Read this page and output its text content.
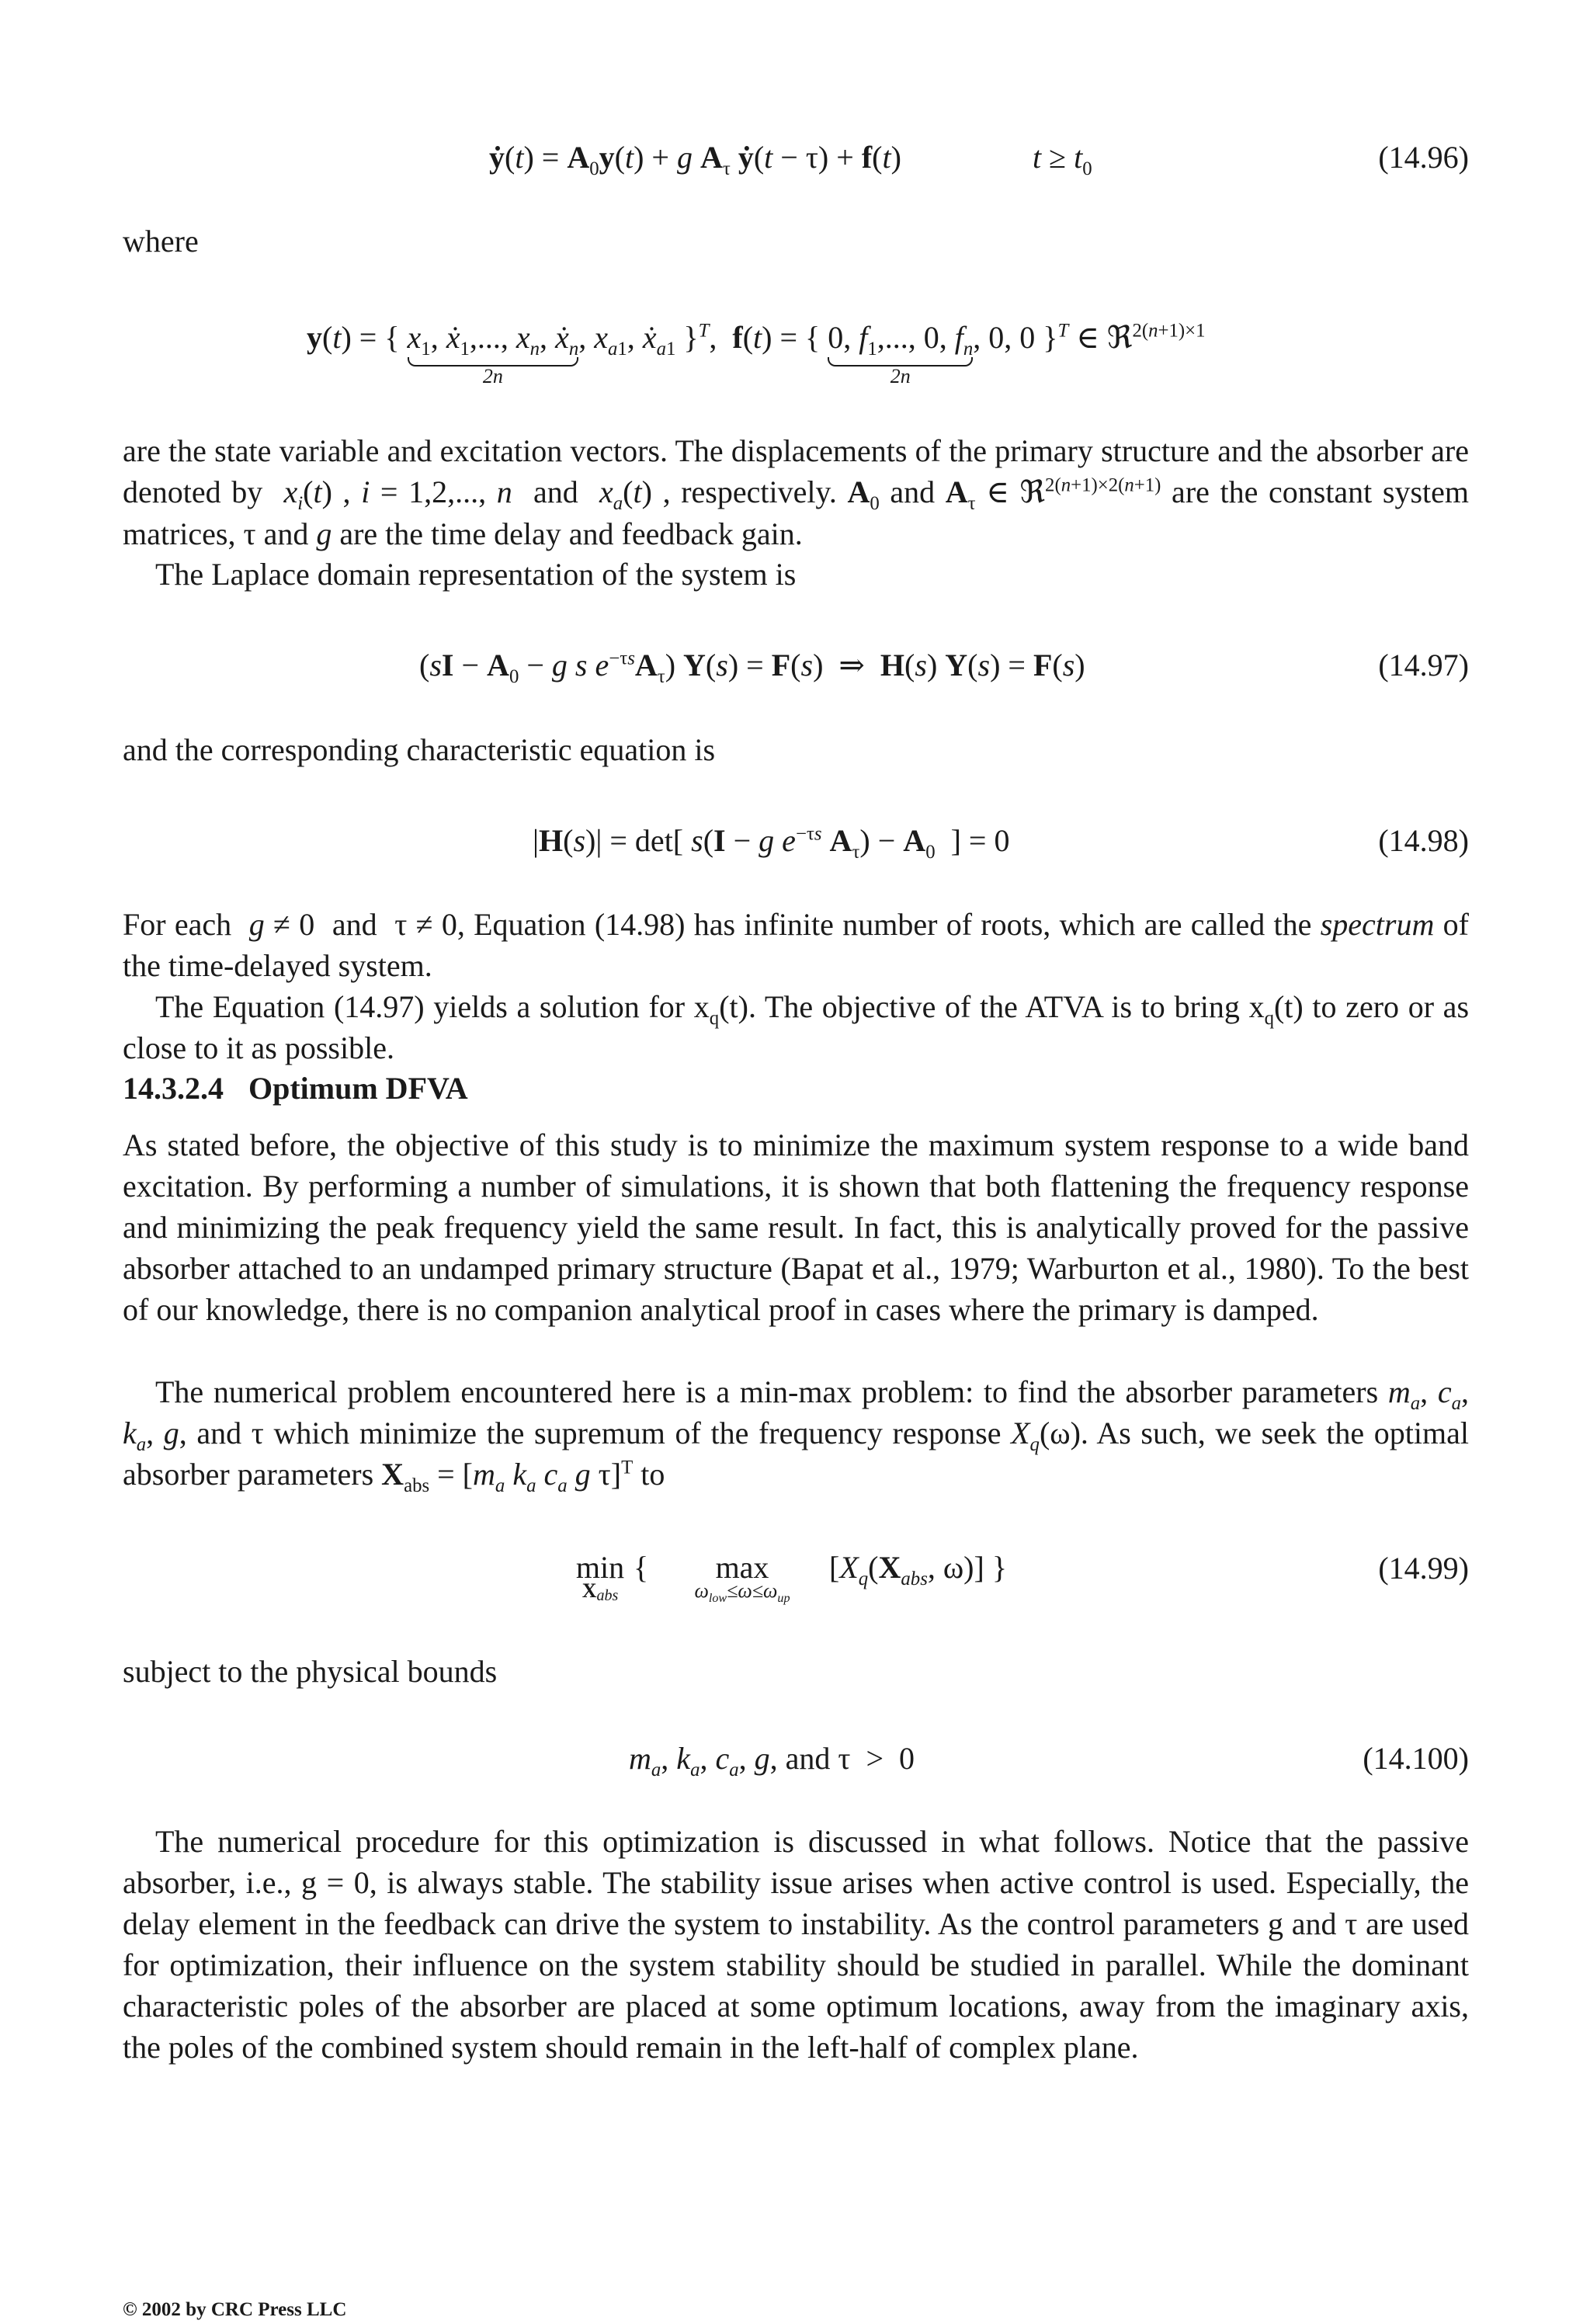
ẏ(t) = $A_0y(t) + g$ $A_\tau$ ẏ(t − τ) + f(t)	$t \ge t_0$	(14.96)
where
y(t) = { $x_1$, ẋ$_1$,..., $x_n$, ẋ$_n$
2n
, $x_{a1}$, ẋ$_{a1}$ }$^T$,  f(t) = { 0, $f_1$,..., 0, $f_n$
2n
, 0, 0 }$^T$ ∈ ℜ$^{2(n+1)\times 1}$

are the state variable and excitation vectors. The displacements of the primary structure and the absorber are denoted by  $x_i(t)$ , i = 1,2,..., n  and  $x_a(t)$ , respectively. $A_0$ and $A_\tau$ ∈ ℜ$^{2(n+1)\times 2(n+1)}$ are the constant system matrices, τ and g are the time delay and feedback gain.

The Laplace domain representation of the system is

($sI - A_0 - g$ s $e^{-\tau s}A_\tau$) Y(s) = F(s)  ⇒  H(s) Y(s) = F(s)	(14.97)

and the corresponding characteristic equation is

|H(s)| = det[ s(I − g $e^{-\tau s}$ $A_\tau) - A_0$  ] = 0	(14.98)

For each  g ≠ 0  and  τ ≠ 0, Equation (14.98) has infinite number of roots, which are called the spectrum of the time-delayed system.

The Equation (14.97) yields a solution for $x_q(t)$. The objective of the ATVA is to bring $x_q(t)$ to zero or as close to it as possible.

14.3.2.4 Optimum DFVA

As stated before, the objective of this study is to minimize the maximum system response to a wide band excitation. By performing a number of simulations, it is shown that both flattening the frequency response and minimizing the peak frequency yield the same result. In fact, this is analytically proved for the passive absorber attached to an undamped primary structure (Bapat et al., 1979; Warburton et al., 1980). To the best of our knowledge, there is no companion analytical proof in cases where the primary is damped.

The numerical problem encountered here is a min-max problem: to find the absorber parameters $m_a$, $c_a$, $k_a$, g, and τ which minimize the supremum of the frequency response $X_q(\omega)$. As such, we seek the optimal absorber parameters $X_{abs} = [m_a$ $k_a$ $c_a$ g τ]$^T$ to

min
$^{Xabs}$
{	max
$^{\omega_{low}\le\omega\le\omega_{up}}$
[$X_q(X_{abs}$, ω)] }	(14.99)
subject to the physical bounds
$m_a$, $k_a$, $c_a$, g, and τ  >  0	(14.100)

The numerical procedure for this optimization is discussed in what follows. Notice that the passive absorber, i.e., g = 0, is always stable. The stability issue arises when active control is used. Especially, the delay element in the feedback can drive the system to instability. As the control parameters g and τ are used for optimization, their influence on the system stability should be studied in parallel. While the dominant characteristic poles of the absorber are placed at some optimum locations, away from the imaginary axis, the poles of the combined system should remain in the left-half of complex plane.

© 2002 by CRC Press LLC
